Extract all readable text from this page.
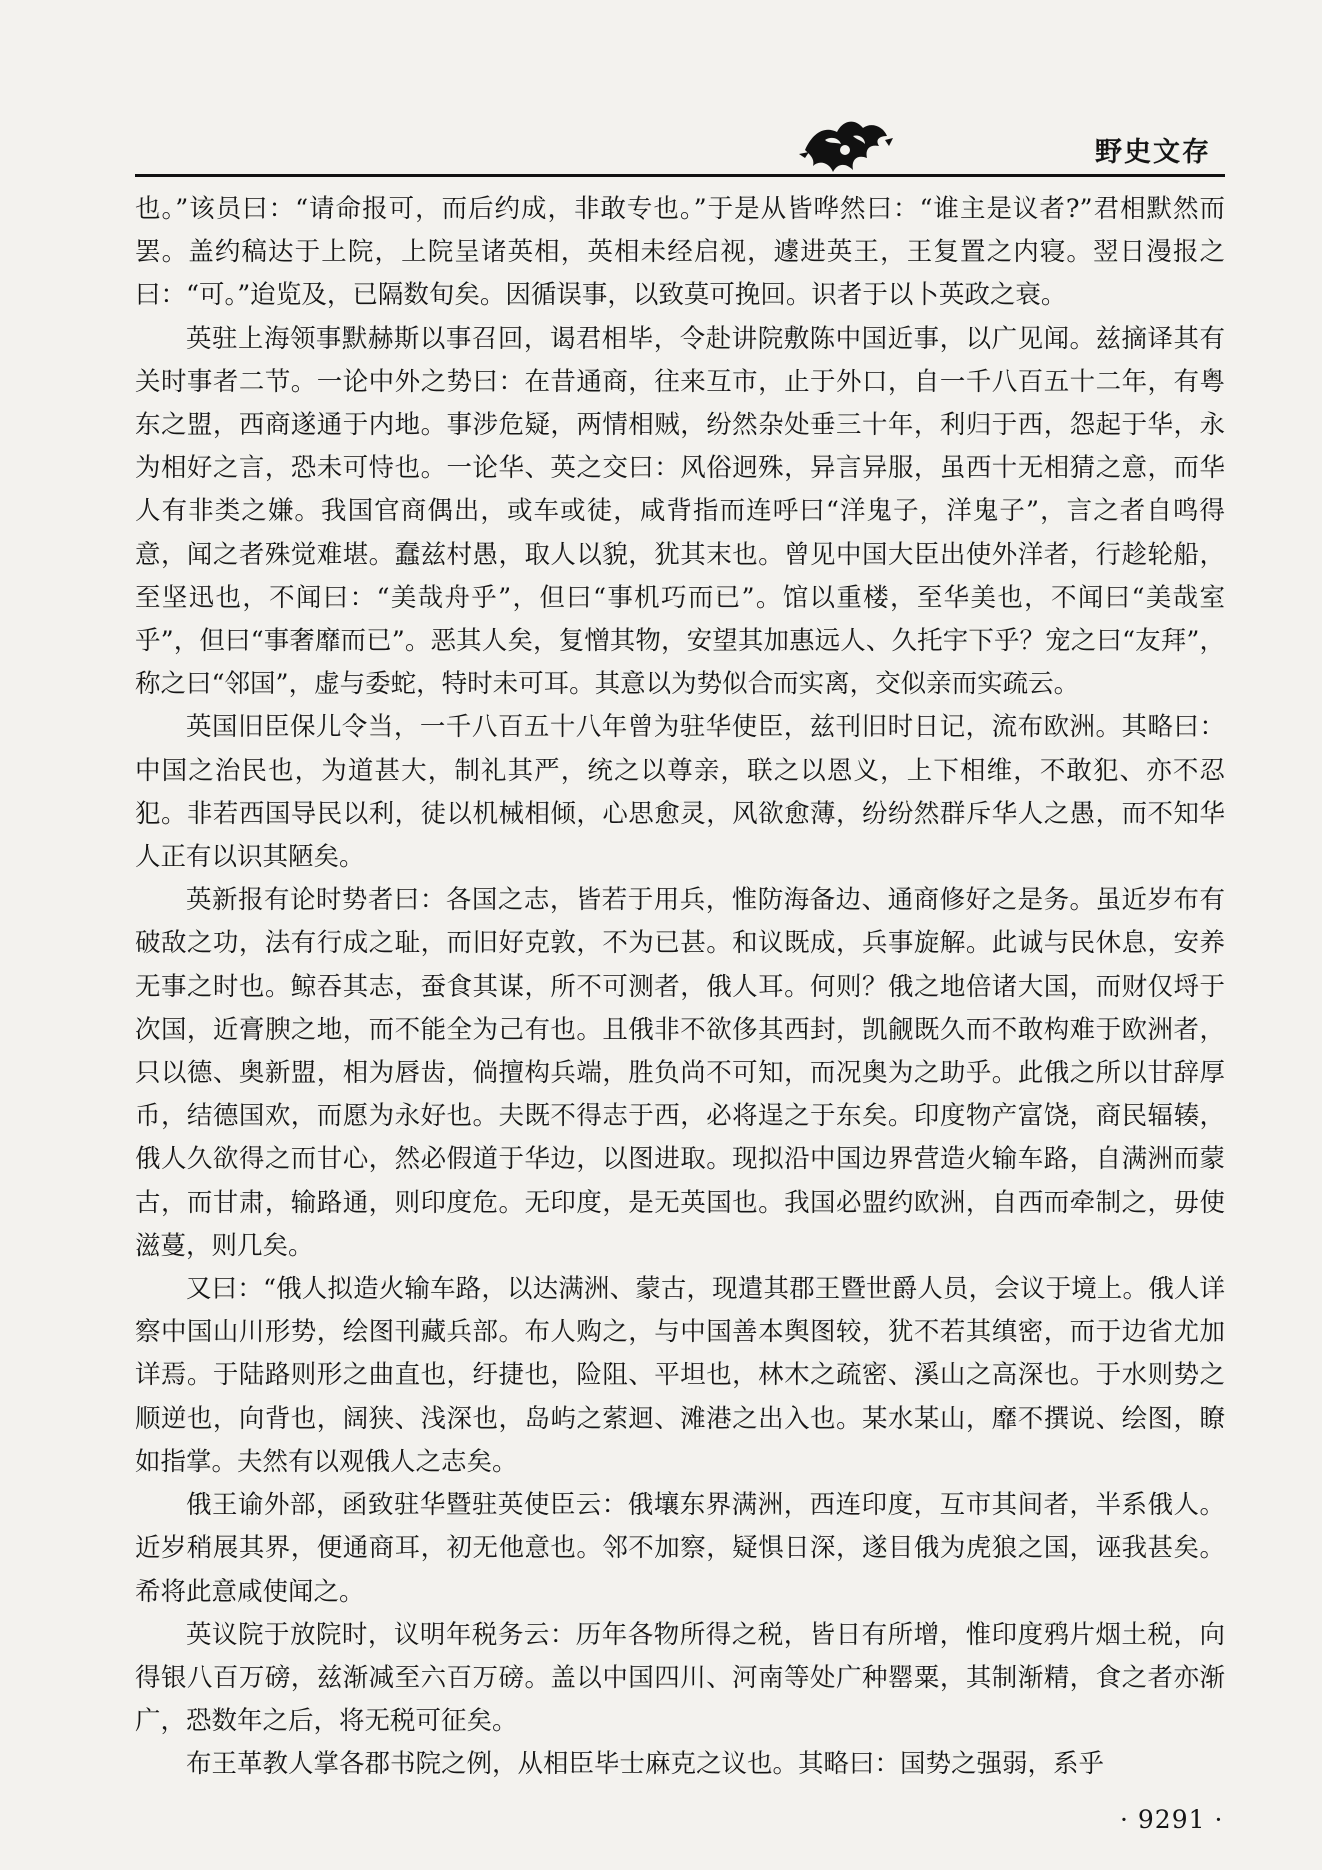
野史文存

也。”该员曰：“请命报可，而后约成，非敢专也。”于是从皆哗然曰：“谁主是议者?”君相默然而罢。盖约稿达于上院，上院呈诸英相，英相未经启视，遽进英王，王复置之内寝。翌日漫报之曰：“可。”迨览及，已隔数旬矣。因循误事，以致莫可挽回。识者于以卜英政之衰。

英驻上海领事默赫斯以事召回，谒君相毕，令赴讲院敷陈中国近事，以广见闻。兹摘译其有关时事者二节。一论中外之势曰：在昔通商，往来互市，止于外口，自一千八百五十二年，有粤东之盟，西商遂通于内地。事涉危疑，两情相贼，纷然杂处垂三十年，利归于西，怨起于华，永为相好之言，恐未可恃也。一论华、英之交曰：风俗迥殊，异言异服，虽西十无相猜之意，而华人有非类之嫌。我国官商偶出，或车或徒，咸背指而连呼曰“洋鬼子，洋鬼子”，言之者自鸣得意，闻之者殊觉难堪。蠢兹村愚，取人以貌，犹其末也。曾见中国大臣出使外洋者，行趁轮船，至坚迅也，不闻曰：“美哉舟乎”，但曰“事机巧而已”。馆以重楼，至华美也，不闻曰“美哉室乎”，但曰“事奢靡而已”。恶其人矣，复憎其物，安望其加惠远人、久托宇下乎？宠之曰“友拜”，称之曰“邻国”，虚与委蛇，特时未可耳。其意以为势似合而实离，交似亲而实疏云。

英国旧臣保儿令当，一千八百五十八年曾为驻华使臣，兹刊旧时日记，流布欧洲。其略曰：中国之治民也，为道甚大，制礼其严，统之以尊亲，联之以恩义，上下相维，不敢犯、亦不忍犯。非若西国导民以利，徒以机械相倾，心思愈灵，风欲愈薄，纷纷然群斥华人之愚，而不知华人正有以识其陋矣。

英新报有论时势者曰：各国之志，皆若于用兵，惟防海备边、通商修好之是务。虽近岁布有破敌之功，法有行成之耻，而旧好克敦，不为已甚。和议既成，兵事旋解。此诚与民休息，安养无事之时也。鲸吞其志，蚕食其谋，所不可测者，俄人耳。何则？俄之地倍诸大国，而财仅埒于次国，近膏腴之地，而不能全为己有也。且俄非不欲侈其西封，凯觎既久而不敢构难于欧洲者，只以德、奥新盟，相为唇齿，倘擅构兵端，胜负尚不可知，而况奥为之助乎。此俄之所以甘辞厚币，结德国欢，而愿为永好也。夫既不得志于西，必将逞之于东矣。印度物产富饶，商民辐辏，俄人久欲得之而甘心，然必假道于华边，以图进取。现拟沿中国边界营造火输车路，自满洲而蒙古，而甘肃，输路通，则印度危。无印度，是无英国也。我国必盟约欧洲，自西而牵制之，毋使滋蔓，则几矣。

又曰：“俄人拟造火输车路，以达满洲、蒙古，现遣其郡王暨世爵人员，会议于境上。俄人详察中国山川形势，绘图刊藏兵部。布人购之，与中国善本舆图较，犹不若其缜密，而于边省尤加详焉。于陆路则形之曲直也，纡捷也，险阻、平坦也，林木之疏密、溪山之高深也。于水则势之顺逆也，向背也，阔狭、浅深也，岛屿之萦迴、滩港之出入也。某水某山，靡不撰说、绘图，瞭如指掌。夫然有以观俄人之志矣。

俄王谕外部，函致驻华暨驻英使臣云：俄壤东界满洲，西连印度，互市其间者，半系俄人。近岁稍展其界，便通商耳，初无他意也。邻不加察，疑惧日深，遂目俄为虎狼之国，诬我甚矣。希将此意咸使闻之。

英议院于放院时，议明年税务云：历年各物所得之税，皆日有所增，惟印度鸦片烟土税，向得银八百万磅，兹渐减至六百万磅。盖以中国四川、河南等处广种罂粟，其制渐精，食之者亦渐广，恐数年之后，将无税可征矣。

布王革教人掌各郡书院之例，从相臣毕士麻克之议也。其略曰：国势之强弱，系乎

· 9291 ·
